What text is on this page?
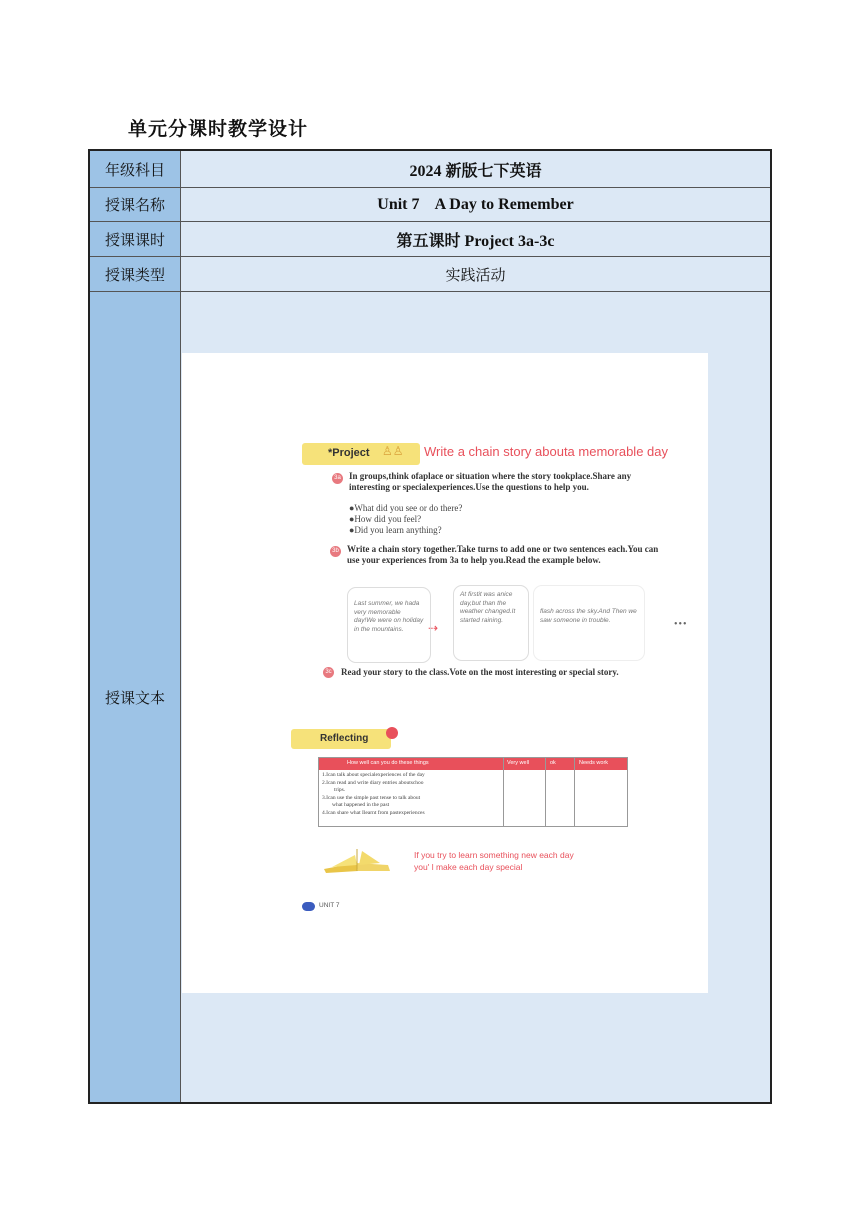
单元分课时教学设计
年级科目	2024 新版七下英语
授课名称	Unit 7    A Day to Remember
授课课时	第五课时 Project 3a-3c
授课类型	实践活动
授课文本
*Project ♙♙ Write a chain story abouta memorable day
3a In groups,think ofaplace or situation where the story tookplace.Share any interesting or specialexperiences.Use the questions to help you.
●What did you see or do there?
●How did you feel?
●Did you learn anything?
3b Write a chain story together.Take turns to add one or two sentences each.You can use your experiences from 3a to help you.Read the example below.
Last summer, we hada very memorable day!We were on holiday in the mountains.	⇢
At firstit was anice day,but than the weather changed.It started raining.
flash across the sky.And Then we saw someone in trouble.	•••
3c Read your story to the class.Vote on the most interesting or special story.
Reflecting
How well can you do these things	Very well	ok	Needs work
1.Ican talk about specialexperiences of the day
2.Ican read and write diary entries aboutschoo
trips.
3.Ican use the simple past tense to talk about
what happened in the past
4.Ican share what Ilearnt from pastexperiences
If you try to learn something new each day
you' l make each day special
UNIT 7
